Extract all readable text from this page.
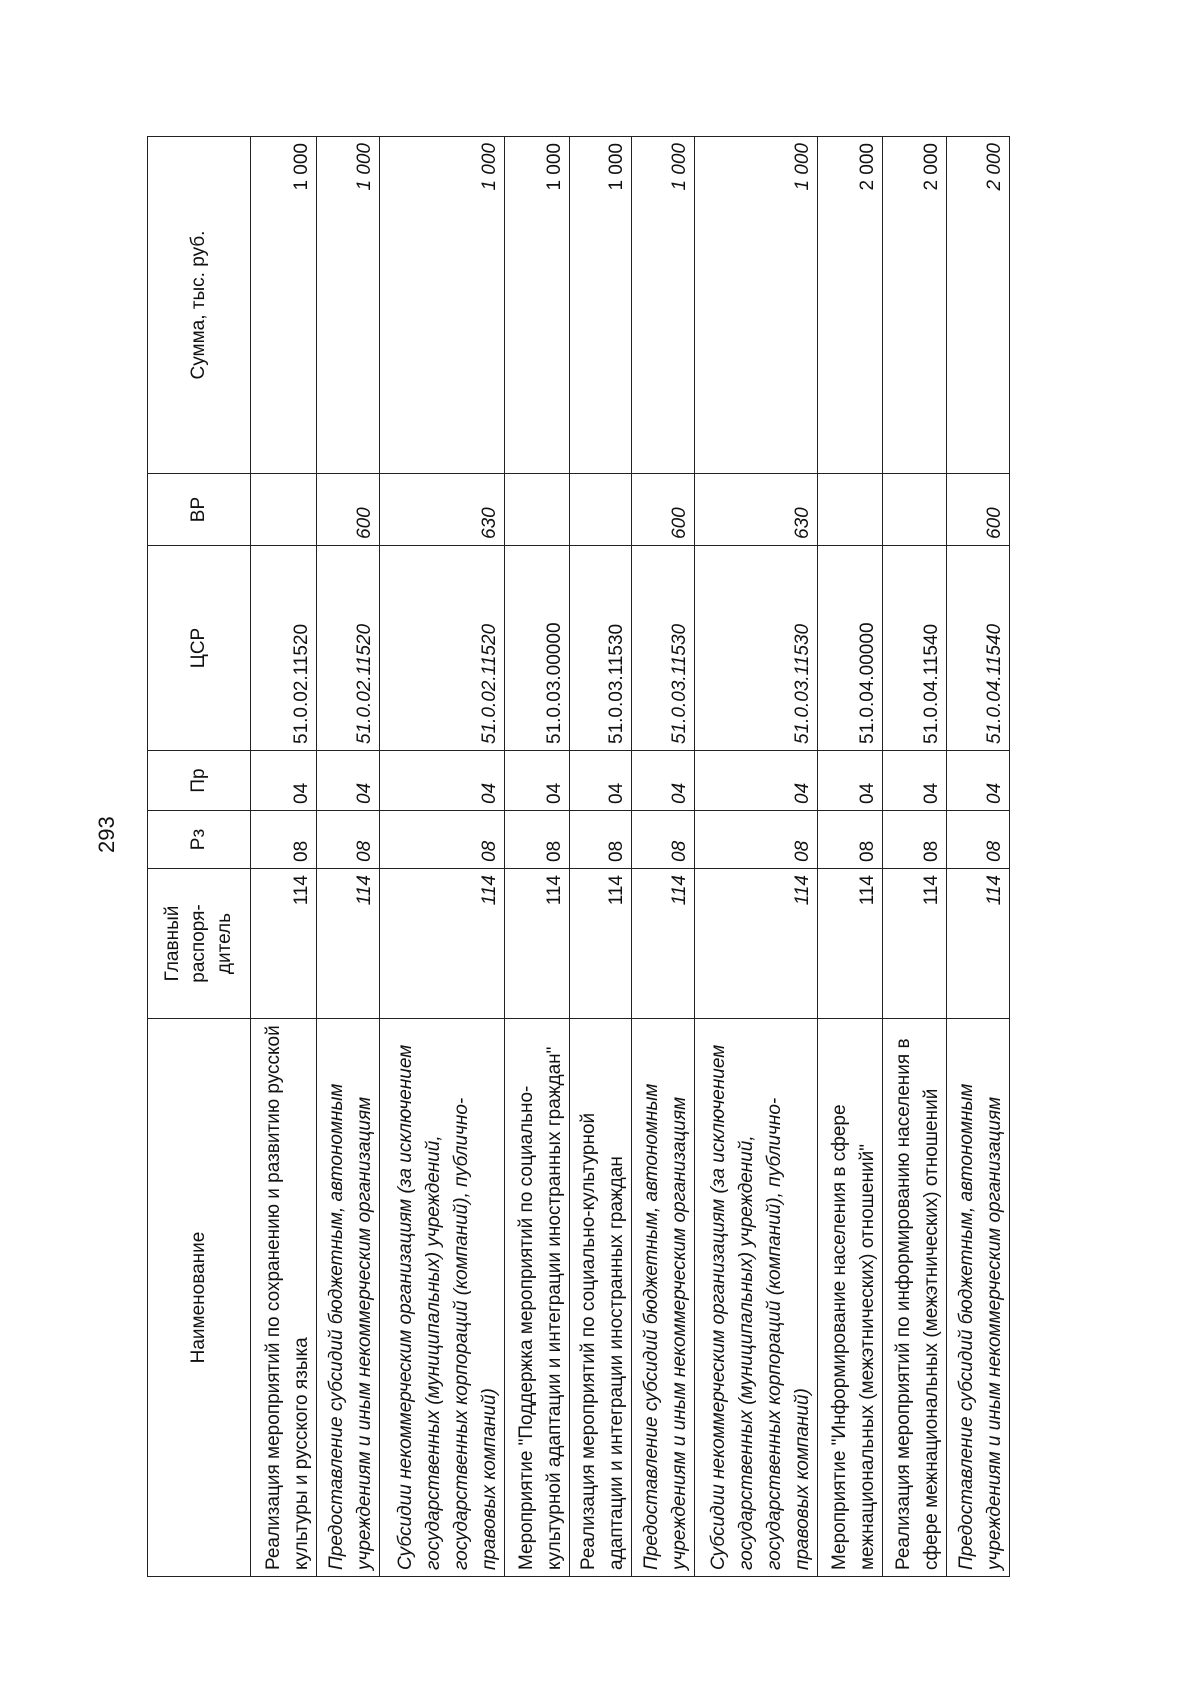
293
Наименование	Главный распоря-дитель	Рз	Пр	ЦСР	ВР	Сумма, тыс. руб.
Реализация мероприятий по сохранению и развитию русской культуры и русского языка	114	08	04	51.0.02.11520		1 000
Предоставление субсидий бюджетным, автономным учреждениям и иным некоммерческим организациям	114	08	04	51.0.02.11520	600	1 000
Субсидии некоммерческим организациям (за исключением государственных (муниципальных) учреждений, государственных корпораций (компаний), публично-правовых компаний)	114	08	04	51.0.02.11520	630	1 000
Мероприятие "Поддержка мероприятий по социально-культурной адаптации и интеграции иностранных граждан"	114	08	04	51.0.03.00000		1 000
Реализация мероприятий по социально-культурной адаптации и интеграции иностранных граждан	114	08	04	51.0.03.11530		1 000
Предоставление субсидий бюджетным, автономным учреждениям и иным некоммерческим организациям	114	08	04	51.0.03.11530	600	1 000
Субсидии некоммерческим организациям (за исключением государственных (муниципальных) учреждений, государственных корпораций (компаний), публично-правовых компаний)	114	08	04	51.0.03.11530	630	1 000
Мероприятие "Информирование населения в сфере межнациональных (межэтнических) отношений"	114	08	04	51.0.04.00000		2 000
Реализация мероприятий по информированию населения в сфере межнациональных (межэтнических) отношений	114	08	04	51.0.04.11540		2 000
Предоставление субсидий бюджетным, автономным учреждениям и иным некоммерческим организациям	114	08	04	51.0.04.11540	600	2 000
